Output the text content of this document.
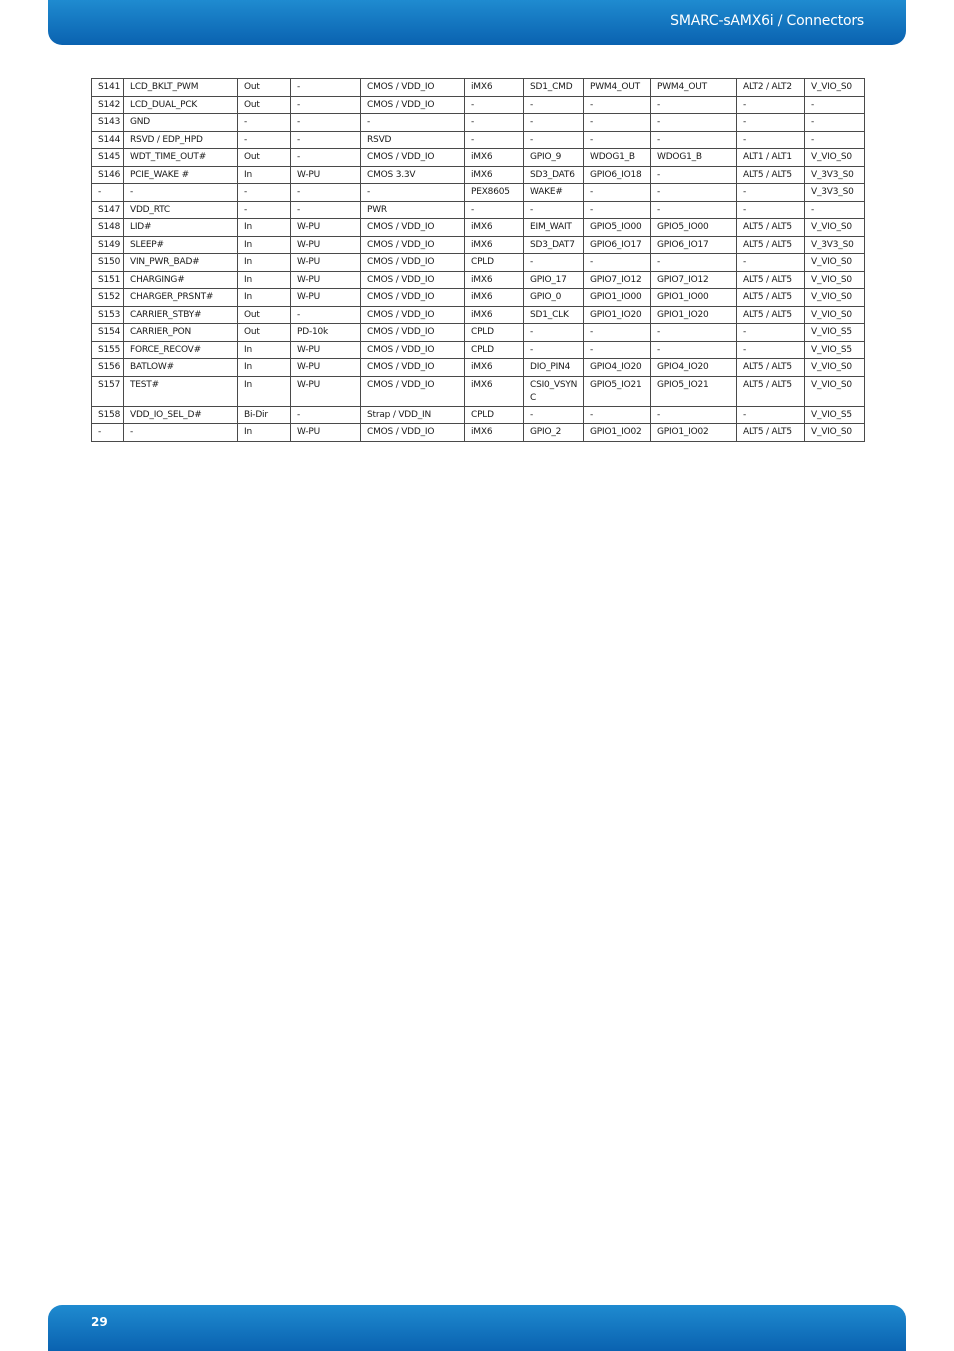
SMARC-sAMX6i / Connectors
S141	LCD_BKLT_PWM	Out	-	CMOS / VDD_IO	iMX6	SD1_CMD	PWM4_OUT	PWM4_OUT	ALT2 / ALT2	V_VIO_S0
S142	LCD_DUAL_PCK	Out	-	CMOS / VDD_IO	-	-	-	-	-	-
S143	GND	-	-	-	-	-	-	-	-	-
S144	RSVD / EDP_HPD	-	-	RSVD	-	-	-	-	-	-
S145	WDT_TIME_OUT#	Out	-	CMOS / VDD_IO	iMX6	GPIO_9	WDOG1_B	WDOG1_B	ALT1 / ALT1	V_VIO_S0
S146	PCIE_WAKE #	In	W-PU	CMOS 3.3V	iMX6	SD3_DAT6	GPIO6_IO18	-	ALT5 / ALT5	V_3V3_S0
-	-	-	-	-	PEX8605	WAKE#	-	-	-	V_3V3_S0
S147	VDD_RTC	-	-	PWR	-	-	-	-	-	-
S148	LID#	In	W-PU	CMOS / VDD_IO	iMX6	EIM_WAIT	GPIO5_IO00	GPIO5_IO00	ALT5 / ALT5	V_VIO_S0
S149	SLEEP#	In	W-PU	CMOS / VDD_IO	iMX6	SD3_DAT7	GPIO6_IO17	GPIO6_IO17	ALT5 / ALT5	V_3V3_S0
S150	VIN_PWR_BAD#	In	W-PU	CMOS / VDD_IO	CPLD	-	-	-	-	V_VIO_S0
S151	CHARGING#	In	W-PU	CMOS / VDD_IO	iMX6	GPIO_17	GPIO7_IO12	GPIO7_IO12	ALT5 / ALT5	V_VIO_S0
S152	CHARGER_PRSNT#	In	W-PU	CMOS / VDD_IO	iMX6	GPIO_0	GPIO1_IO00	GPIO1_IO00	ALT5 / ALT5	V_VIO_S0
S153	CARRIER_STBY#	Out	-	CMOS / VDD_IO	iMX6	SD1_CLK	GPIO1_IO20	GPIO1_IO20	ALT5 / ALT5	V_VIO_S0
S154	CARRIER_PON	Out	PD-10k	CMOS / VDD_IO	CPLD	-	-	-	-	V_VIO_S5
S155	FORCE_RECOV#	In	W-PU	CMOS / VDD_IO	CPLD	-	-	-	-	V_VIO_S5
S156	BATLOW#	In	W-PU	CMOS / VDD_IO	iMX6	DIO_PIN4	GPIO4_IO20	GPIO4_IO20	ALT5 / ALT5	V_VIO_S0
S157	TEST#	In	W-PU	CMOS / VDD_IO	iMX6	CSI0_VSYNC	GPIO5_IO21	GPIO5_IO21	ALT5 / ALT5	V_VIO_S0
S158	VDD_IO_SEL_D#	Bi-Dir	-	Strap / VDD_IN	CPLD	-	-	-	-	V_VIO_S5
-	-	In	W-PU	CMOS / VDD_IO	iMX6	GPIO_2	GPIO1_IO02	GPIO1_IO02	ALT5 / ALT5	V_VIO_S0
29
